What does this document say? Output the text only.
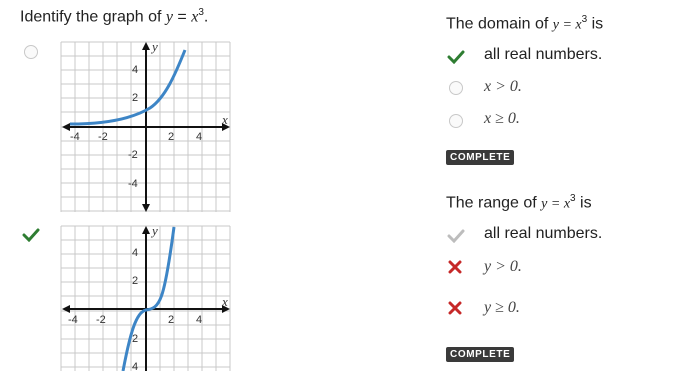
Identify the graph of $y = x^3$.
-4 -2	2 4
4
2
-2
-4
x
y
-4 -2	2 4
4
2
2
4
x
y
The domain of $y = x^3$ is
all real numbers.
x > 0.
x ≥ 0.
COMPLETE
The range of $y = x^3$ is
all real numbers.
y > 0.
y ≥ 0.
COMPLETE
